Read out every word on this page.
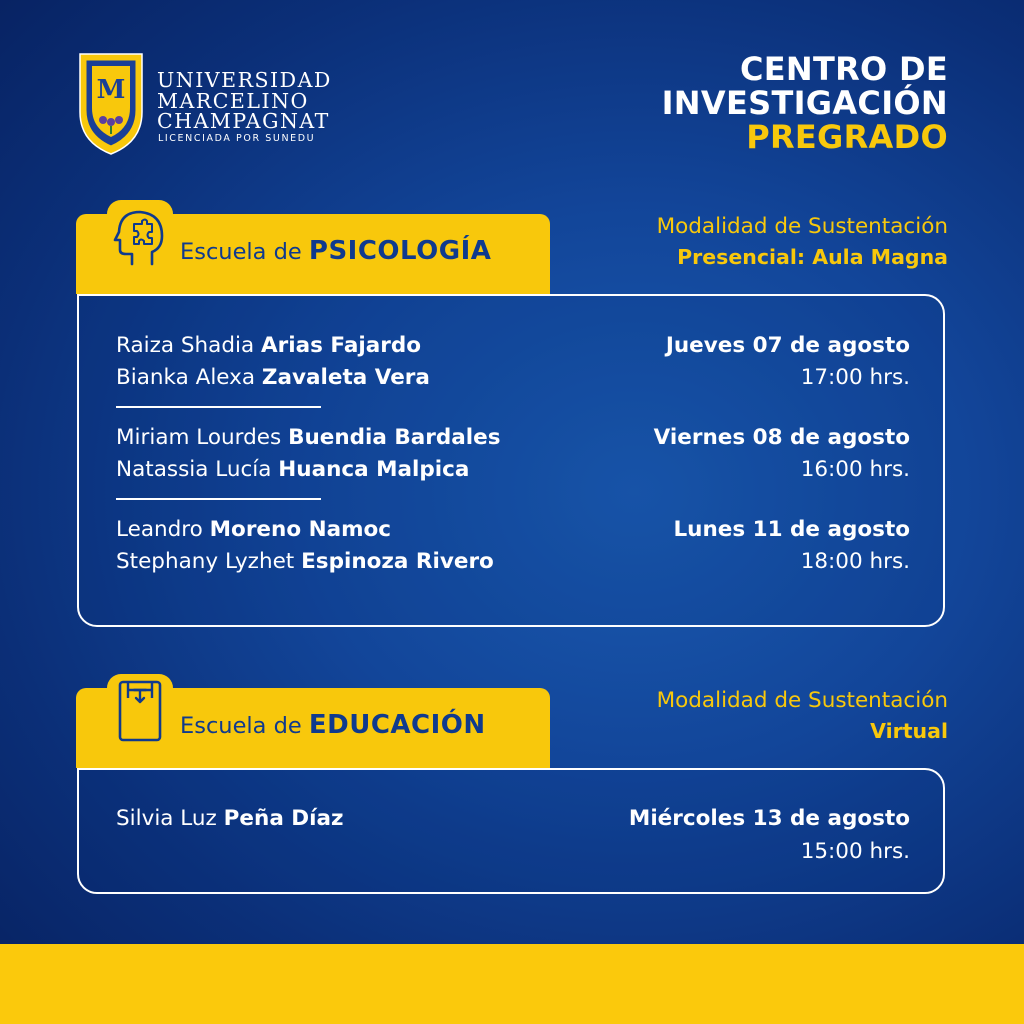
M UNIVERSIDAD
MARCELINO
CHAMPAGNAT
LICENCIADA POR SUNEDU
CENTRO DE
INVESTIGACIÓN
PREGRADO
Escuela de PSICOLOGÍA
Modalidad de Sustentación
Presencial: Aula Magna
Raiza Shadia Arias Fajardo
Bianka Alexa Zavaleta Vera
Jueves 07 de agosto
17:00 hrs.
Miriam Lourdes Buendia Bardales
Natassia Lucía Huanca Malpica
Viernes 08 de agosto
16:00 hrs.
Leandro Moreno Namoc
Stephany Lyzhet Espinoza Rivero
Lunes 11 de agosto
18:00 hrs.
Escuela de EDUCACIÓN
Modalidad de Sustentación
Virtual
Silvia Luz Peña Díaz	Miércoles 13 de agosto
15:00 hrs.
